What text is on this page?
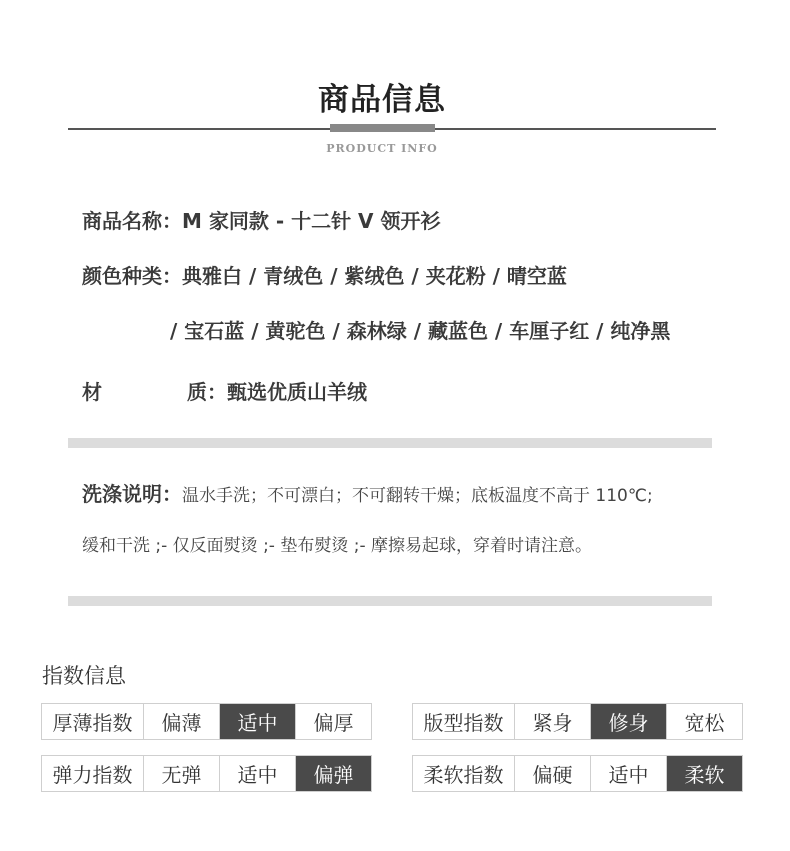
商品信息
PRODUCT INFO
商品名称：M 家同款 - 十二针 V 领开衫
颜色种类：典雅白 / 青绒色 / 紫绒色 / 夹花粉 / 晴空蓝
/ 宝石蓝 / 黄驼色 / 森林绿 / 藏蓝色 / 车厘子红 / 纯净黑
材	质：甄选优质山羊绒
洗涤说明：温水手洗；不可漂白；不可翻转干燥；底板温度不高于 110℃;
缓和干洗 ;- 仅反面熨烫 ;- 垫布熨烫 ;- 摩擦易起球，穿着时请注意。
指数信息
厚薄指数	偏薄	适中	偏厚	版型指数	紧身	修身	宽松
弹力指数	无弹	适中	偏弹	柔软指数	偏硬	适中	柔软
